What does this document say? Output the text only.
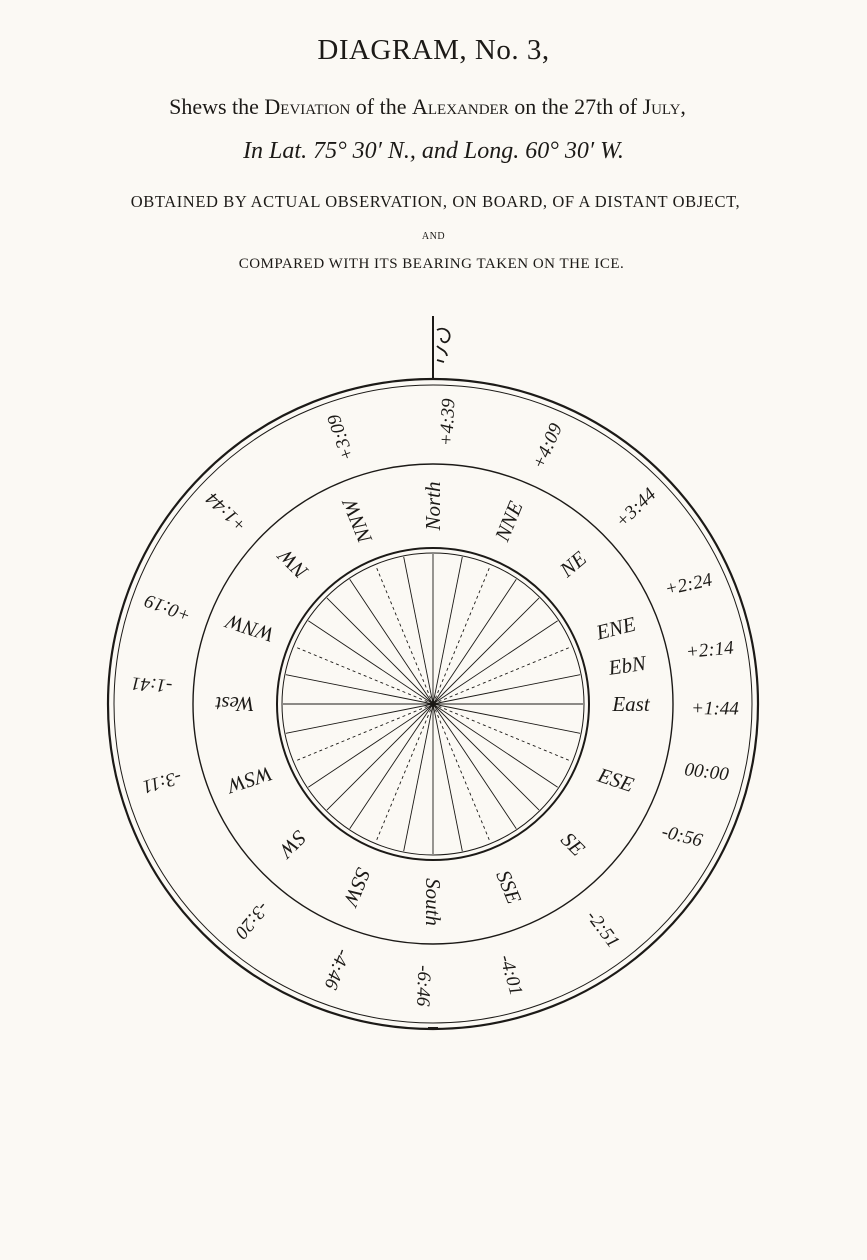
DIAGRAM, No. 3,
Shews the Deviation of the Alexander on the 27th of July,
In Lat. 75° 30′ N., and Long. 60° 30′ W.
OBTAINED BY ACTUAL OBSERVATION, ON BOARD, OF A DISTANT OBJECT,
AND
COMPARED WITH ITS BEARING TAKEN ON THE ICE.
North
+4:39
NNE
+4:09
NE
+3:44
ENE
+2:24
EbN
+2:14
East +1:44
ESE 00:00
SE	-0:56
SSE
-2:51
South
-4:01
SSW
-6:46
SW
-4:46
WSW
-3:20
West
-3:11
WNW
-1:41
NW
+0:19
NNW
+1:44
+3:09
